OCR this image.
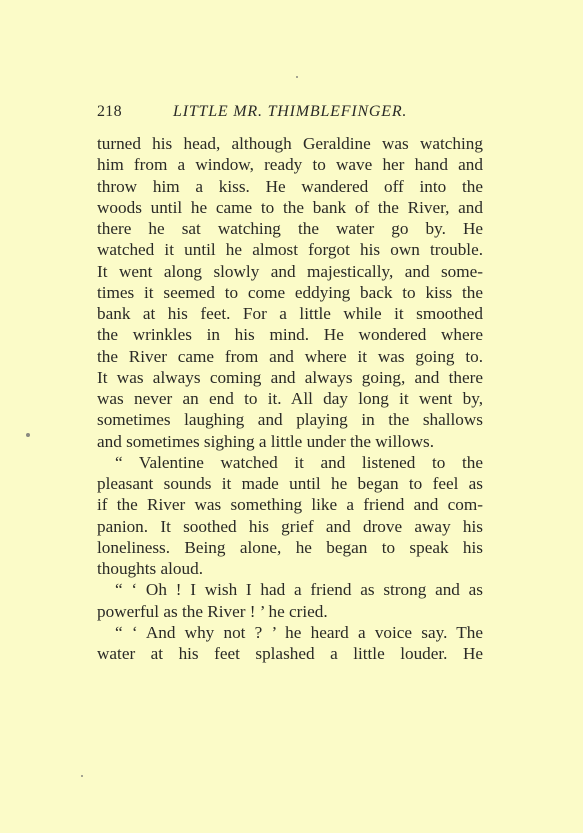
218	LITTLE MR. THIMBLEFINGER.
turned his head, although Geraldine was watching
him from a window, ready to wave her hand and
throw him a kiss. He wandered off into the
woods until he came to the bank of the River, and
there he sat watching the water go by. He
watched it until he almost forgot his own trouble.
It went along slowly and majestically, and some-
times it seemed to come eddying back to kiss the
bank at his feet. For a little while it smoothed
the wrinkles in his mind. He wondered where
the River came from and where it was going to.
It was always coming and always going, and there
was never an end to it. All day long it went by,
sometimes laughing and playing in the shallows
and sometimes sighing a little under the willows.
“ Valentine watched it and listened to the
pleasant sounds it made until he began to feel as
if the River was something like a friend and com-
panion. It soothed his grief and drove away his
loneliness. Being alone, he began to speak his
thoughts aloud.
“ ‘ Oh ! I wish I had a friend as strong and as
powerful as the River ! ’ he cried.
“ ‘ And why not ? ’ he heard a voice say. The
water at his feet splashed a little louder. He
